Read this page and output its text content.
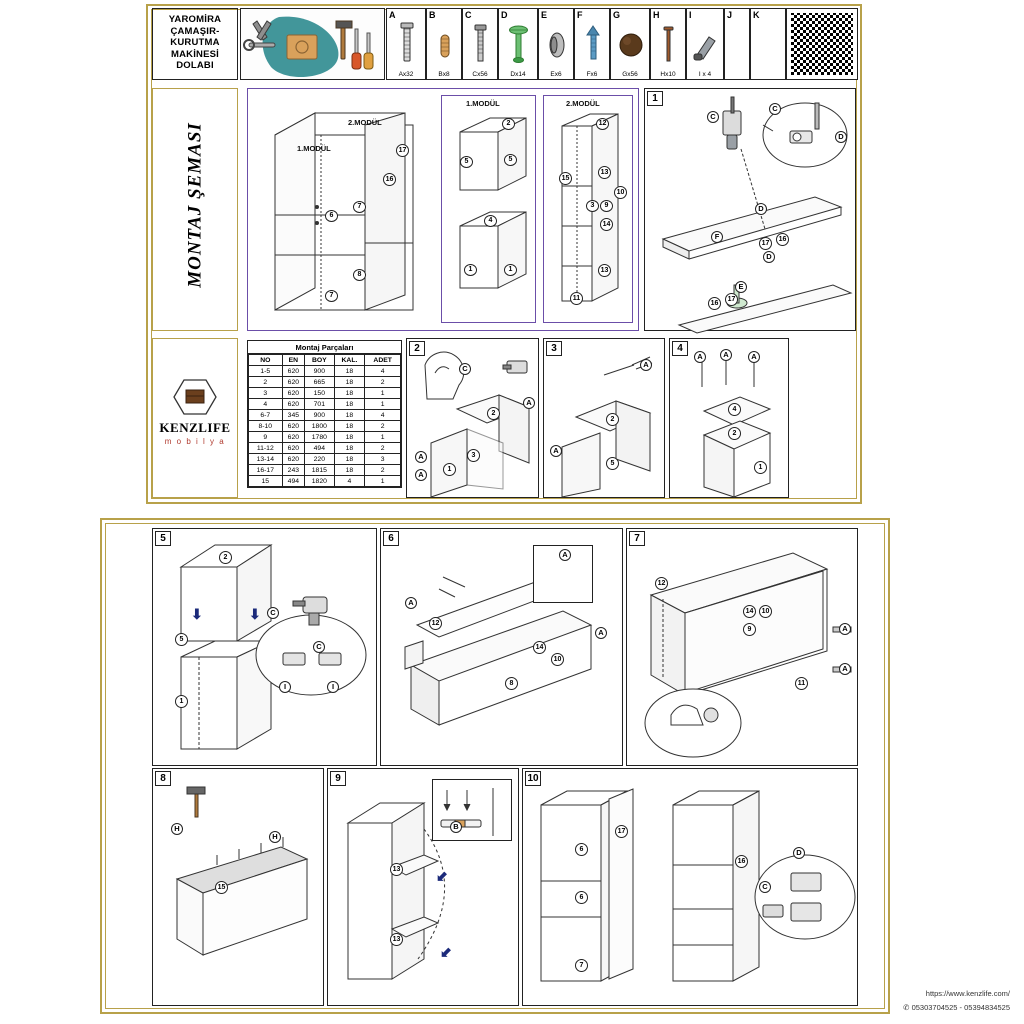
YAROMİRA
ÇAMAŞIR-
KURUTMA
MAKİNESİ
DOLABI
A
Ax32
B
Bx8
C
Cx56
D
Dx14
E
Ex6
F
Fx6
G
Gx56
H
Hx10
I
I x 4
J K
MONTAJ ŞEMASI
KENZLIFE
m o b i l y a
1.MODÜL
2.MODÜL
6
7
7
8
16
17
1.MODÜL
5
2
5
4
1	1
2.MODÜL
12
15
3	9
13
10
14
13
11
1
C
C
D
D
F
E
D
17
16
16
17
Montaj Parçaları
NO	EN	BOY	KAL.	ADET
1-5	620	900	18	4
2	620	665	18	2
3	620	150	18	1
4	620	701	18	1
6-7	345	900	18	4
8-10	620	1800	18	2
9	620	1780	18	1
11-12	620	494	18	2
13-14	620	220	18	3
16-17	243	1815	18	2
15	494	1820	4	1
2
C
A
A
A
2
3
1
3
A
A
2
5
4
A	A	A
4
2
1
5
⬇	⬇
2
5
1
C
C
I	I
6
A
A
A
12
14
10
8
7
12
14	10
9
11
A
A
8
H
H
15
9
B
⬋
⬋
13
13
10
6
6
7
17
16
D
C
https://www.kenzlife.com/
✆ 05303704525 - 05394834525
